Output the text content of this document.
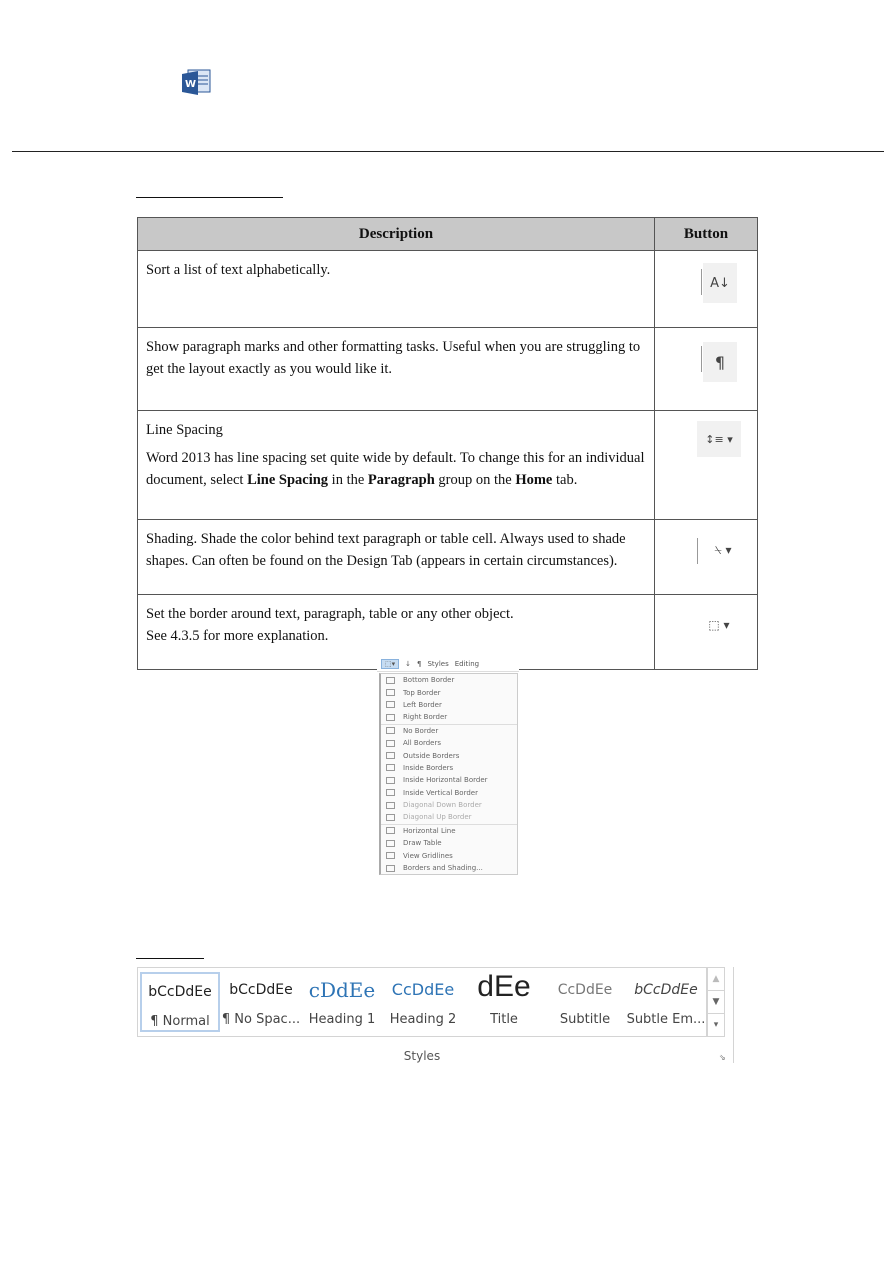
W
Description	Button
Sort a list of text alphabetically.	A↓

Show paragraph marks and other formatting tasks. Useful when you are struggling to get the layout exactly as you would like it.	¶

Line Spacing
Word 2013 has line spacing set quite wide by default. To change this for an individual document, select Line Spacing in the Paragraph group on the Home tab.	↕≡ ▾

Shading. Shade the color behind text paragraph or table cell. Always used to shade shapes. Can often be found on the Design Tab (appears in certain circumstances).	⍀ ▾

Set the border around text, paragraph, table or any other object.
See 4.3.5 for more explanation.	⬚ ▾
⬚▾	↓ ¶ Styles Editing
Bottom Border
Top Border
Left Border
Right Border
No Border
All Borders
Outside Borders
Inside Borders
Inside Horizontal Border
Inside Vertical Border
Diagonal Down Border
Diagonal Up Border
Horizontal Line
Draw Table
View Gridlines
Borders and Shading...
bCcDdEe
¶ Normal
bCcDdEe
¶ No Spac...
cDdEe
Heading 1
CcDdEe
Heading 2
dEe
Title
CcDdEe
Subtitle
bCcDdEe
Subtle Em...
▲
▼
▾
Styles	⇘
